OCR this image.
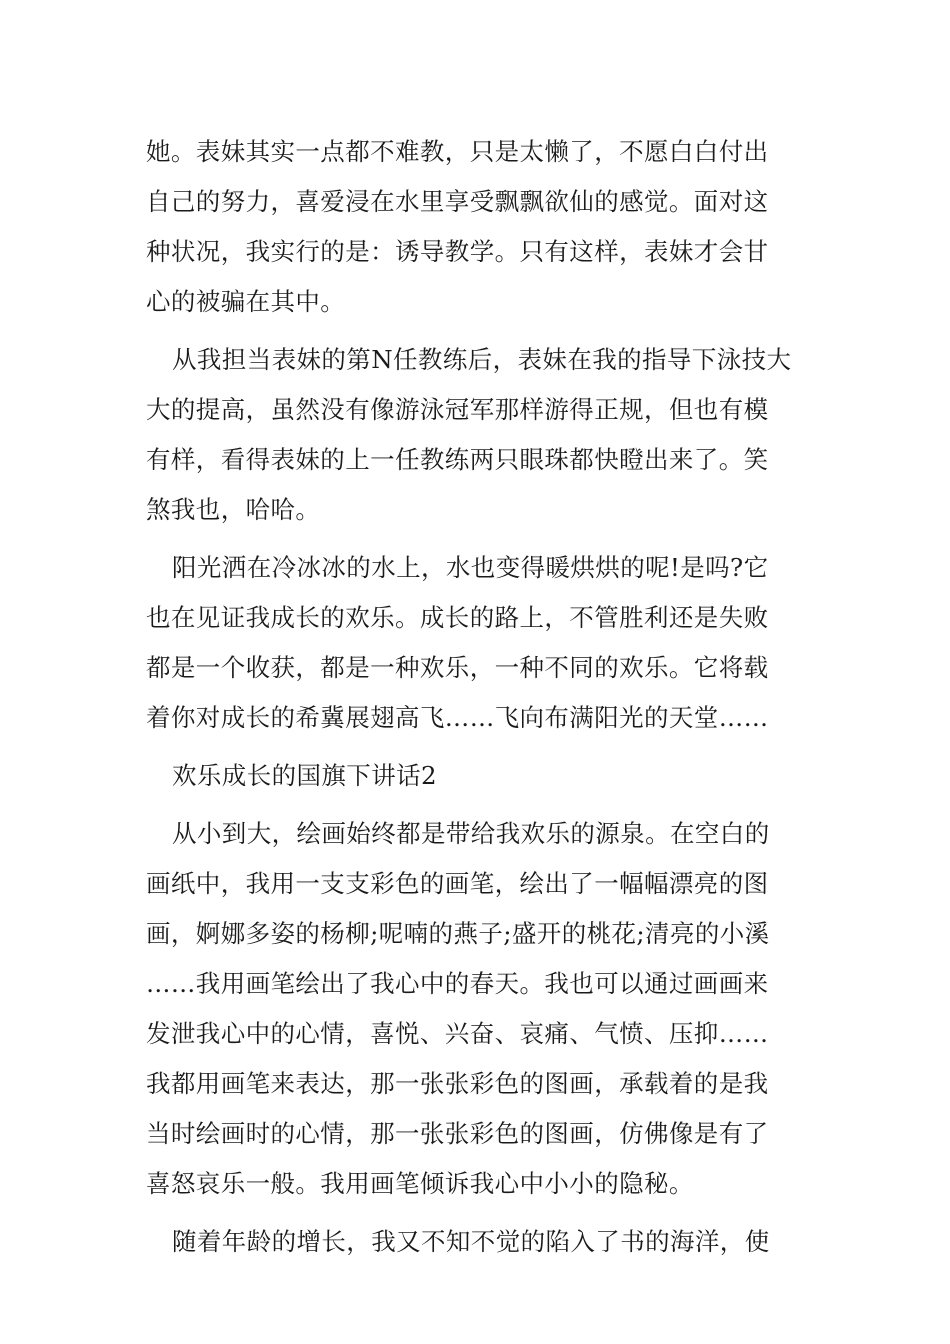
她。表妹其实一点都不难教，只是太懒了，不愿白白付出
自己的努力，喜爱浸在水里享受飘飘欲仙的感觉。面对这
种状况，我实行的是：诱导教学。只有这样，表妹才会甘
心的被骗在其中。
从我担当表妹的第N任教练后，表妹在我的指导下泳技大
大的提高，虽然没有像游泳冠军那样游得正规，但也有模
有样，看得表妹的上一任教练两只眼珠都快瞪出来了。笑
煞我也，哈哈。
阳光洒在冷冰冰的水上，水也变得暖烘烘的呢!是吗?它
也在见证我成长的欢乐。成长的路上，不管胜利还是失败
都是一个收获，都是一种欢乐，一种不同的欢乐。它将载
着你对成长的希冀展翅高飞……飞向布满阳光的天堂……
欢乐成长的国旗下讲话2
从小到大，绘画始终都是带给我欢乐的源泉。在空白的
画纸中，我用一支支彩色的画笔，绘出了一幅幅漂亮的图
画，婀娜多姿的杨柳;呢喃的燕子;盛开的桃花;清亮的小溪
……我用画笔绘出了我心中的春天。我也可以通过画画来
发泄我心中的心情，喜悦、兴奋、哀痛、气愤、压抑……
我都用画笔来表达，那一张张彩色的图画，承载着的是我
当时绘画时的心情，那一张张彩色的图画，仿佛像是有了
喜怒哀乐一般。我用画笔倾诉我心中小小的隐秘。
随着年龄的增长，我又不知不觉的陷入了书的海洋，使
